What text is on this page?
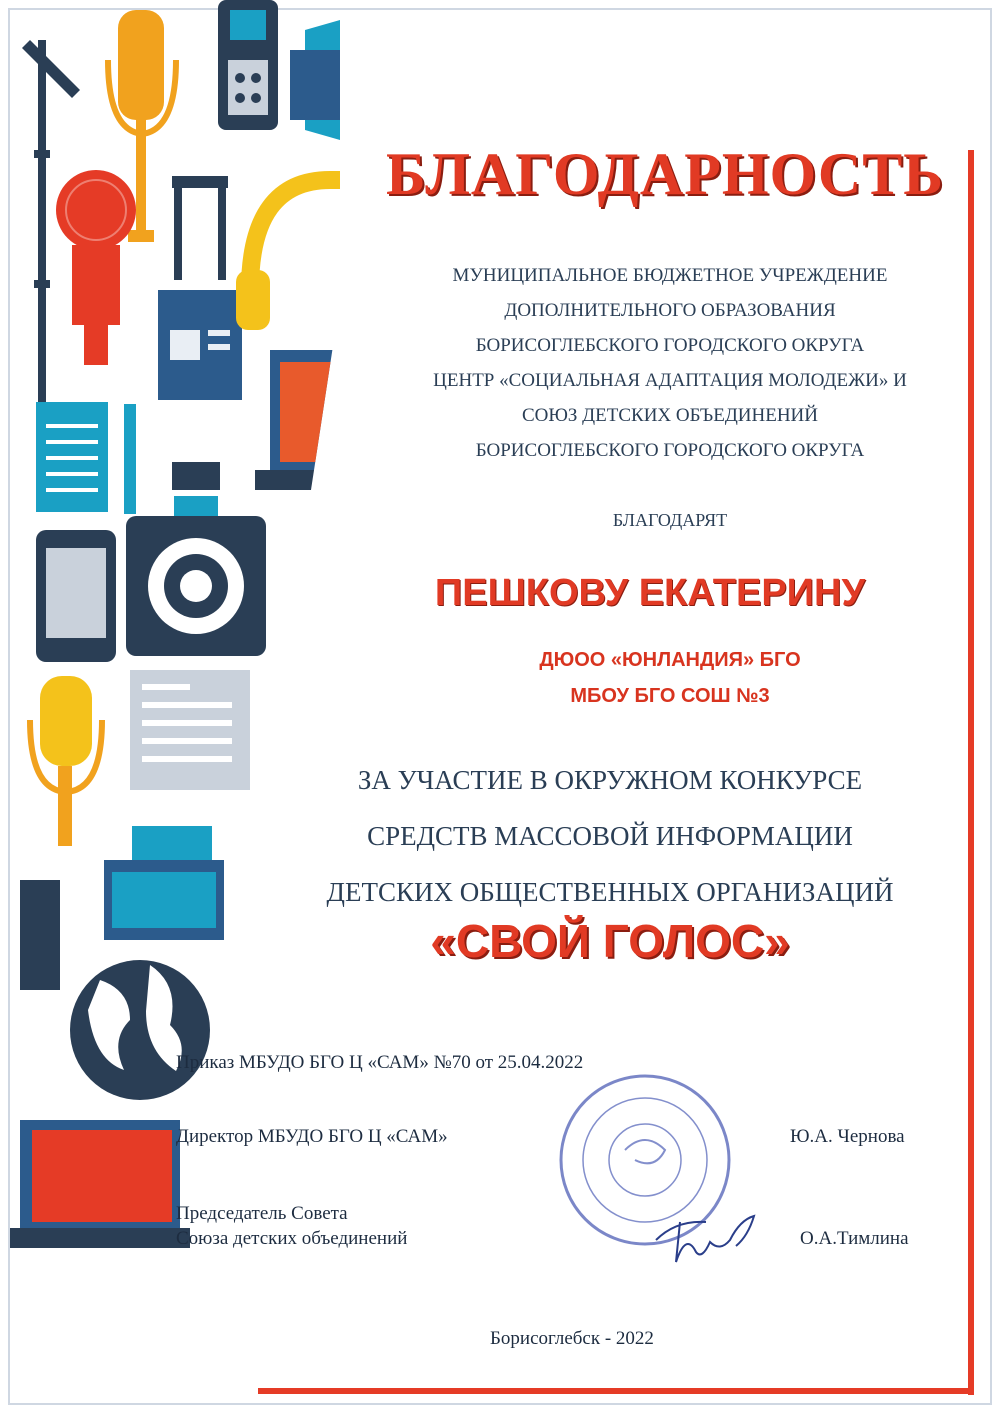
БЛАГОДАРНОСТЬ
МУНИЦИПАЛЬНОЕ БЮДЖЕТНОЕ УЧРЕЖДЕНИЕ
ДОПОЛНИТЕЛЬНОГО ОБРАЗОВАНИЯ
БОРИСОГЛЕБСКОГО ГОРОДСКОГО ОКРУГА
ЦЕНТР «СОЦИАЛЬНАЯ АДАПТАЦИЯ МОЛОДЕЖИ» И
СОЮЗ ДЕТСКИХ ОБЪЕДИНЕНИЙ
БОРИСОГЛЕБСКОГО ГОРОДСКОГО ОКРУГА
БЛАГОДАРЯТ
ПЕШКОВУ ЕКАТЕРИНУ
ДЮОО «ЮНЛАНДИЯ» БГО
МБОУ БГО СОШ №3
ЗА УЧАСТИЕ В ОКРУЖНОМ КОНКУРСЕ
СРЕДСТВ МАССОВОЙ ИНФОРМАЦИИ
ДЕТСКИХ ОБЩЕСТВЕННЫХ ОРГАНИЗАЦИЙ
«СВОЙ ГОЛОС»
Приказ МБУДО БГО Ц «САМ» №70 от 25.04.2022
Директор МБУДО БГО Ц «САМ»	Ю.А. Чернова
Председатель Совета
Союза детских объединений	О.А.Тимлина
Борисоглебск - 2022
